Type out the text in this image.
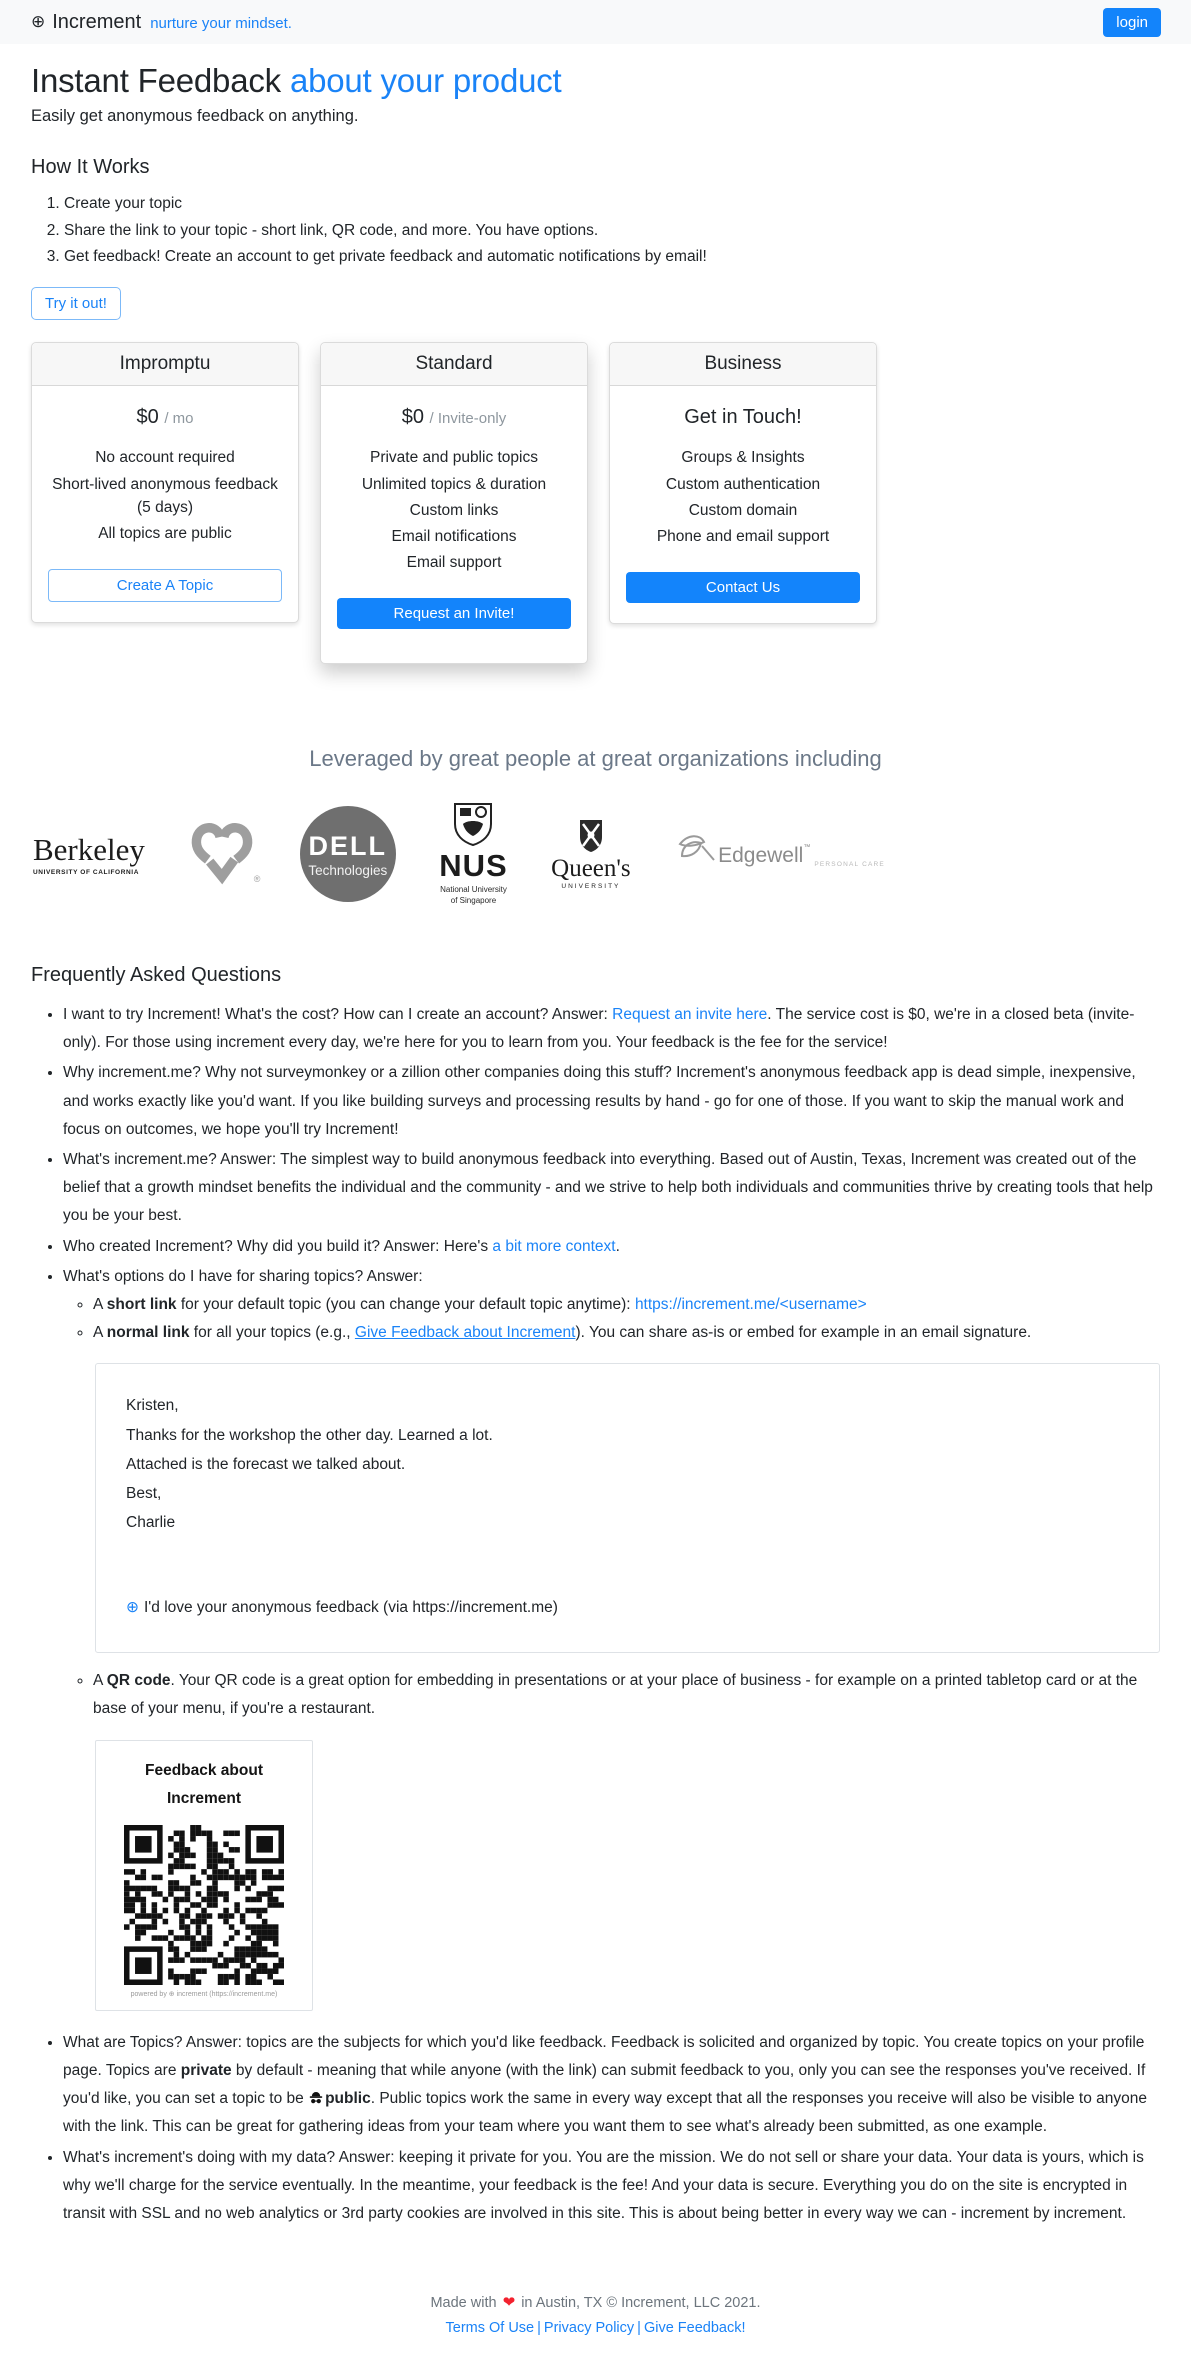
⊕ Increment nurture your mindset.	login
Instant Feedback about your product
Easily get anonymous feedback on anything.
How It Works
1. Create your topic
2. Share the link to your topic - short link, QR code, and more. You have options.
3. Get feedback! Create an account to get private feedback and automatic notifications by email!
Try it out!
Impromptu
$0 / mo
No account required
Short-lived anonymous feedback (5 days)
All topics are public
Create A Topic
Standard
$0 / Invite-only
Private and public topics
Unlimited topics & duration
Custom links
Email notifications
Email support
Request an Invite!
Business
Get in Touch!
Groups & Insights
Custom authentication
Custom domain
Phone and email support
Contact Us
Leveraged by great people at great organizations including
Berkeley
UNIVERSITY OF CALIFORNIA
®
DELL
Technologies NUS
National University
of Singapore
Queen's
UNIVERSITY
Edgewell™
PERSONAL CARE
Frequently Asked Questions
• I want to try Increment! What's the cost? How can I create an account? Answer: Request an invite here. The service cost is $0, we're in a closed beta (invite-only). For those using increment every day, we're here for you to learn from you. Your feedback is the fee for the service!
• Why increment.me? Why not surveymonkey or a zillion other companies doing this stuff? Increment's anonymous feedback app is dead simple, inexpensive, and works exactly like you'd want. If you like building surveys and processing results by hand - go for one of those. If you want to skip the manual work and focus on outcomes, we hope you'll try Increment!
• What's increment.me? Answer: The simplest way to build anonymous feedback into everything. Based out of Austin, Texas, Increment was created out of the belief that a growth mindset benefits the individual and the community - and we strive to help both individuals and communities thrive by creating tools that help you be your best.
• Who created Increment? Why did you build it? Answer: Here's a bit more context.
• What's options do I have for sharing topics? Answer:
◦ A short link for your default topic (you can change your default topic anytime): https://increment.me/<username>
◦ A normal link for all your topics (e.g., Give Feedback about Increment). You can share as-is or embed for example in an email signature.
Kristen,
Thanks for the workshop the other day. Learned a lot.
Attached is the forecast we talked about.
Best,
Charlie
⊕ I'd love your anonymous feedback (via https://increment.me)
◦ A QR code. Your QR code is a great option for embedding in presentations or at your place of business - for example on a printed tabletop card or at the base of your menu, if you're a restaurant.
Feedback about Increment
powered by ⊕ increment (https://increment.me)
• What are Topics? Answer: topics are the subjects for which you'd like feedback. Feedback is solicited and organized by topic. You create topics on your profile page. Topics are private by default - meaning that while anyone (with the link) can submit feedback to you, only you can see the responses you've received. If you'd like, you can set a topic to be public. Public topics work the same in every way except that all the responses you receive will also be visible to anyone with the link. This can be great for gathering ideas from your team where you want them to see what's already been submitted, as one example.
• What's increment's doing with my data? Answer: keeping it private for you. You are the mission. We do not sell or share your data. Your data is yours, which is why we'll charge for the service eventually. In the meantime, your feedback is the fee! And your data is secure. Everything you do on the site is encrypted in transit with SSL and no web analytics or 3rd party cookies are involved in this site. This is about being better in every way we can - increment by increment.
Made with ❤ in Austin, TX © Increment, LLC 2021.
Terms Of Use | Privacy Policy | Give Feedback!
